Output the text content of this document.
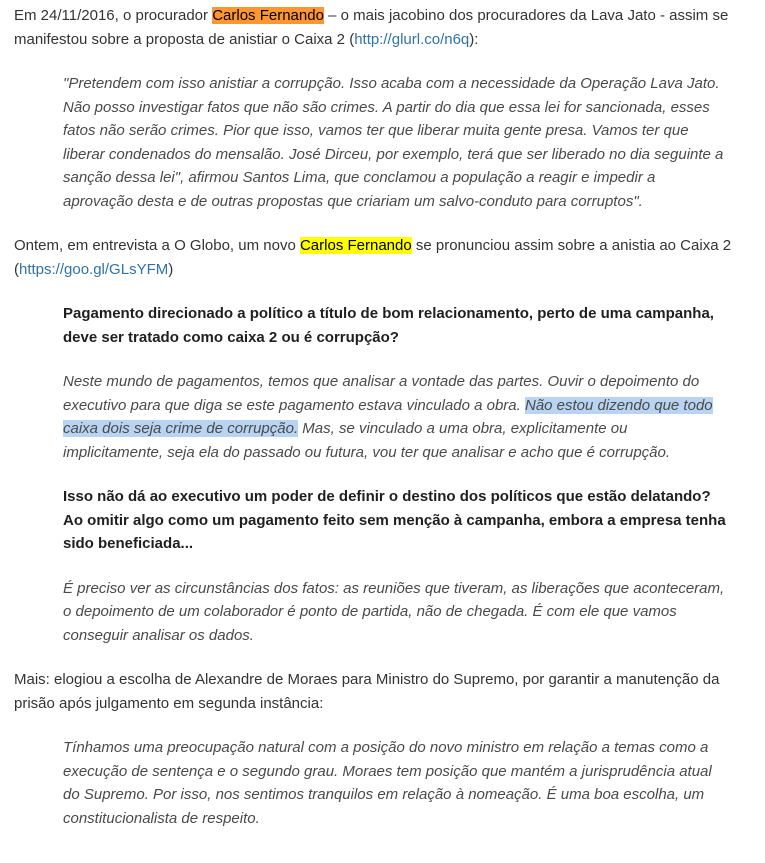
Em 24/11/2016, o procurador Carlos Fernando – o mais jacobino dos procuradores da Lava Jato - assim se manifestou sobre a proposta de anistiar o Caixa 2 (http://glurl.co/n6q):

"Pretendem com isso anistiar a corrupção. Isso acaba com a necessidade da Operação Lava Jato. Não posso investigar fatos que não são crimes. A partir do dia que essa lei for sancionada, esses fatos não serão crimes. Pior que isso, vamos ter que liberar muita gente presa. Vamos ter que liberar condenados do mensalão. José Dirceu, por exemplo, terá que ser liberado no dia seguinte a sanção dessa lei", afirmou Santos Lima, que conclamou a população a reagir e impedir a aprovação desta e de outras propostas que criariam um salvo-conduto para corruptos".

Ontem, em entrevista a O Globo, um novo Carlos Fernando se pronunciou assim sobre a anistia ao Caixa 2 (https://goo.gl/GLsYFM)

Pagamento direcionado a político a título de bom relacionamento, perto de uma campanha, deve ser tratado como caixa 2 ou é corrupção?

Neste mundo de pagamentos, temos que analisar a vontade das partes. Ouvir o depoimento do executivo para que diga se este pagamento estava vinculado a obra. Não estou dizendo que todo caixa dois seja crime de corrupção. Mas, se vinculado a uma obra, explicitamente ou implicitamente, seja ela do passado ou futura, vou ter que analisar e acho que é corrupção.

Isso não dá ao executivo um poder de definir o destino dos políticos que estão delatando? Ao omitir algo como um pagamento feito sem menção à campanha, embora a empresa tenha sido beneficiada...

É preciso ver as circunstâncias dos fatos: as reuniões que tiveram, as liberações que aconteceram, o depoimento de um colaborador é ponto de partida, não de chegada. É com ele que vamos conseguir analisar os dados.

Mais: elogiou a escolha de Alexandre de Moraes para Ministro do Supremo, por garantir a manutenção da prisão após julgamento em segunda instância:

Tínhamos uma preocupação natural com a posição do novo ministro em relação a temas como a execução de sentença e o segundo grau. Moraes tem posição que mantém a jurisprudência atual do Supremo. Por isso, nos sentimos tranquilos em relação à nomeação. É uma boa escolha, um constitucionalista de respeito.
